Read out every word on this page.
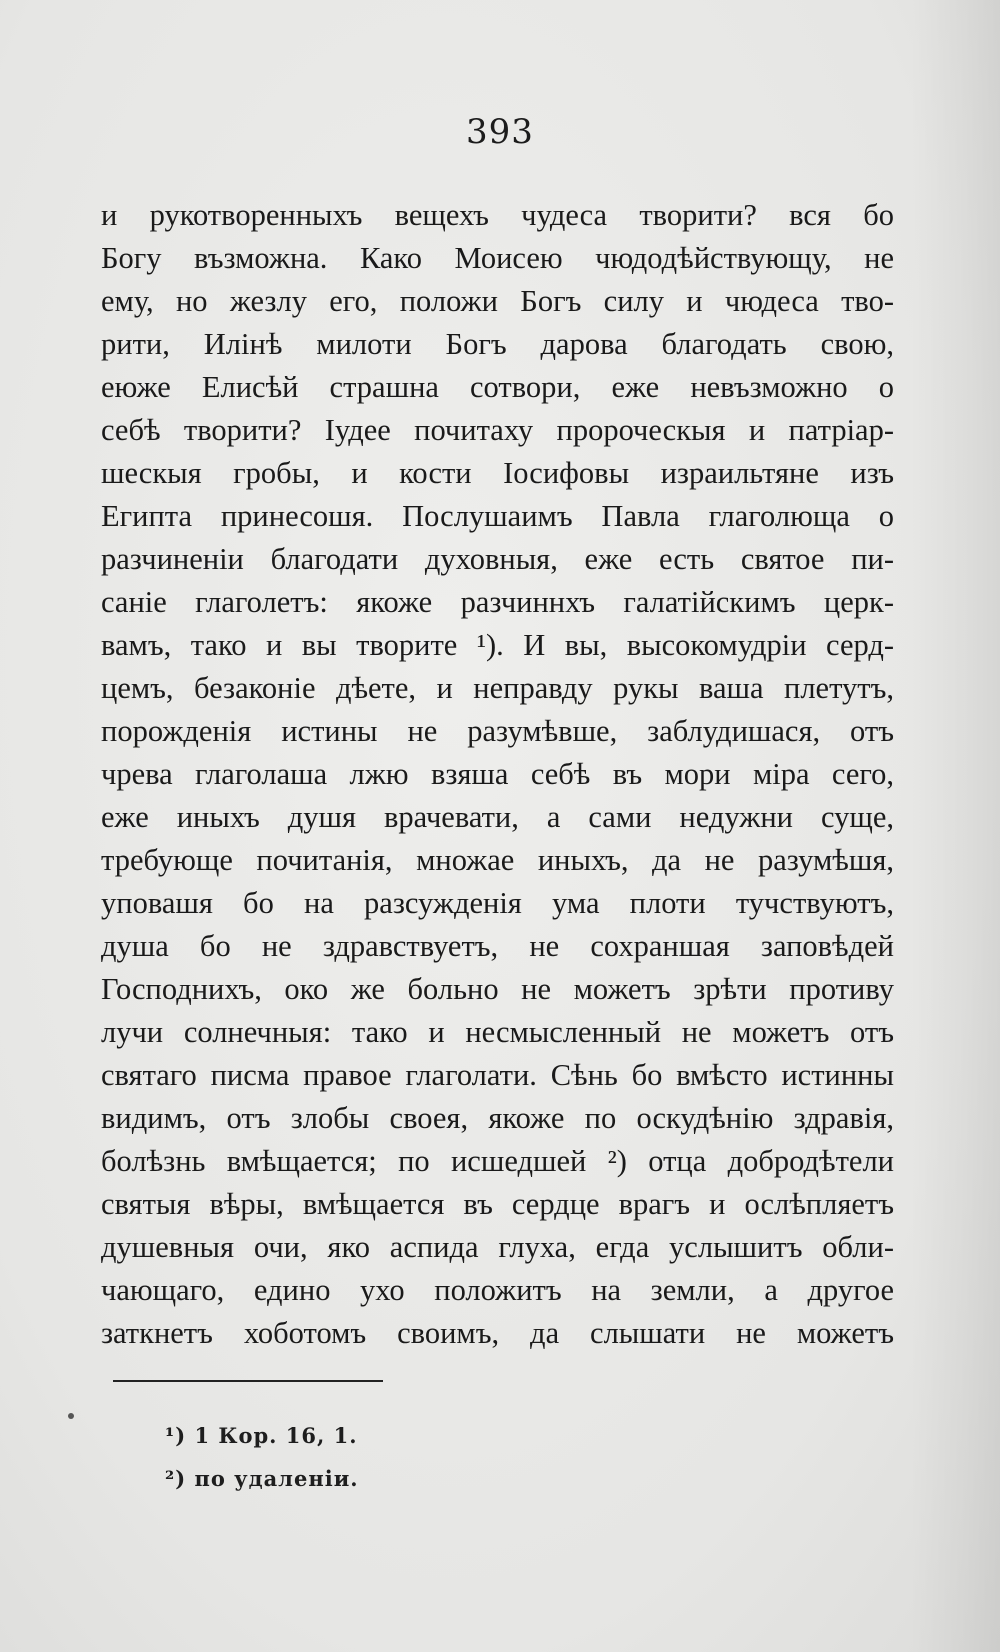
393
и рукотворенныхъ вещехъ чудеса творити? вся бо
Богу възможна. Како Моисею чюдодѣйствующу, не
ему, но жезлу его, положи Богъ силу и чюдеса тво-
рити, Илінѣ милоти Богъ дарова благодать свою,
еюже Елисѣй страшна сотвори, еже невъзможно о
себѣ творити? Іудее почитаху пророческыя и патріар-
шескыя гробы, и кости Іосифовы израильтяне изъ
Египта принесошя. Послушаимъ Павла глаголюща о
разчиненіи благодати духовныя, еже есть святое пи-
саніе глаголетъ: якоже разчиннхъ галатійскимъ церк-
вамъ, тако и вы творите ¹). И вы, высокомудріи серд-
цемъ, безаконіе дѣете, и неправду рукы ваша плетутъ,
порожденія истины не разумѣвше, заблудишася, отъ
чрева глаголаша лжю взяша себѣ въ мори міра сего,
еже иныхъ душя врачевати, а сами недужни суще,
требующе почитанія, множае иныхъ, да не разумѣшя,
уповашя бо на разсужденія ума плоти тучствуютъ,
душа бо не здравствуетъ, не сохраншая заповѣдей
Господнихъ, око же больно не можетъ зрѣти противу
лучи солнечныя: тако и несмысленный не можетъ отъ
святаго писма правое глаголати. Сѣнь бо вмѣсто истинны
видимъ, отъ злобы своея, якоже по оскудѣнію здравія,
болѣзнь вмѣщается; по исшедшей ²) отца добродѣтели
святыя вѣры, вмѣщается въ сердце врагъ и ослѣпляетъ
душевныя очи, яко аспида глуха, егда услышитъ обли-
чающаго, едино ухо положитъ на земли, а другое
заткнетъ хоботомъ своимъ, да слышати не можетъ
¹) 1 Кор. 16, 1.
²) по удаленіи.
